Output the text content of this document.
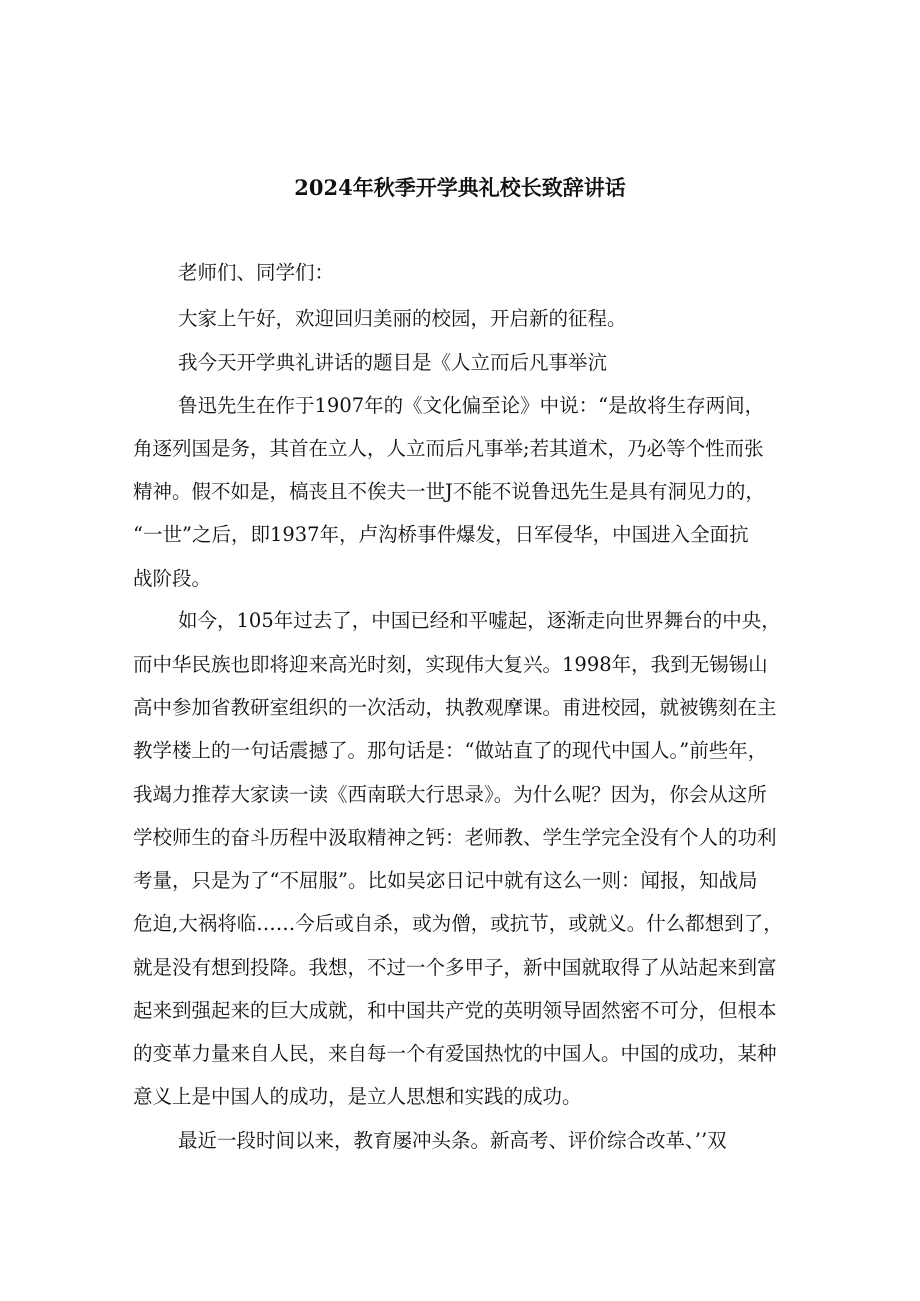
2024年秋季开学典礼校长致辞讲话
老师们、同学们：
大家上午好，欢迎回归美丽的校园，开启新的征程。
我今天开学典礼讲话的题目是《人立而后凡事举沆
鲁迅先生在作于1907年的《文化偏至论》中说：“是故将生存两间，
角逐列国是务，其首在立人，人立而后凡事举;若其道术，乃必等个性而张
精神。假不如是，槁丧且不俟夫一世J不能不说鲁迅先生是具有洞见力的，
“一世”之后，即1937年，卢沟桥事件爆发，日军侵华，中国进入全面抗
战阶段。
如今，105年过去了，中国已经和平嘘起，逐渐走向世界舞台的中央，
而中华民族也即将迎来高光时刻，实现伟大复兴。1998年，我到无锡锡山
高中参加省教研室组织的一次活动，执教观摩课。甫进校园，就被镌刻在主
教学楼上的一句话震撼了。那句话是：“做站直了的现代中国人。”前些年，
我竭力推荐大家读一读《西南联大行思录》。为什么呢？因为，你会从这所
学校师生的奋斗历程中汲取精神之钙：老师教、学生学完全没有个人的功利
考量，只是为了“不屈服”。比如吴宓日记中就有这么一则：闻报，知战局
危迫,大祸将临……今后或自杀，或为僧，或抗节，或就义。什么都想到了，
就是没有想到投降。我想，不过一个多甲子，新中国就取得了从站起来到富
起来到强起来的巨大成就，和中国共产党的英明领导固然密不可分，但根本
的变革力量来自人民，来自每一个有爱国热忱的中国人。中国的成功，某种
意义上是中国人的成功，是立人思想和实践的成功。
最近一段时间以来，教育屡冲头条。新高考、评价综合改革、’’双
